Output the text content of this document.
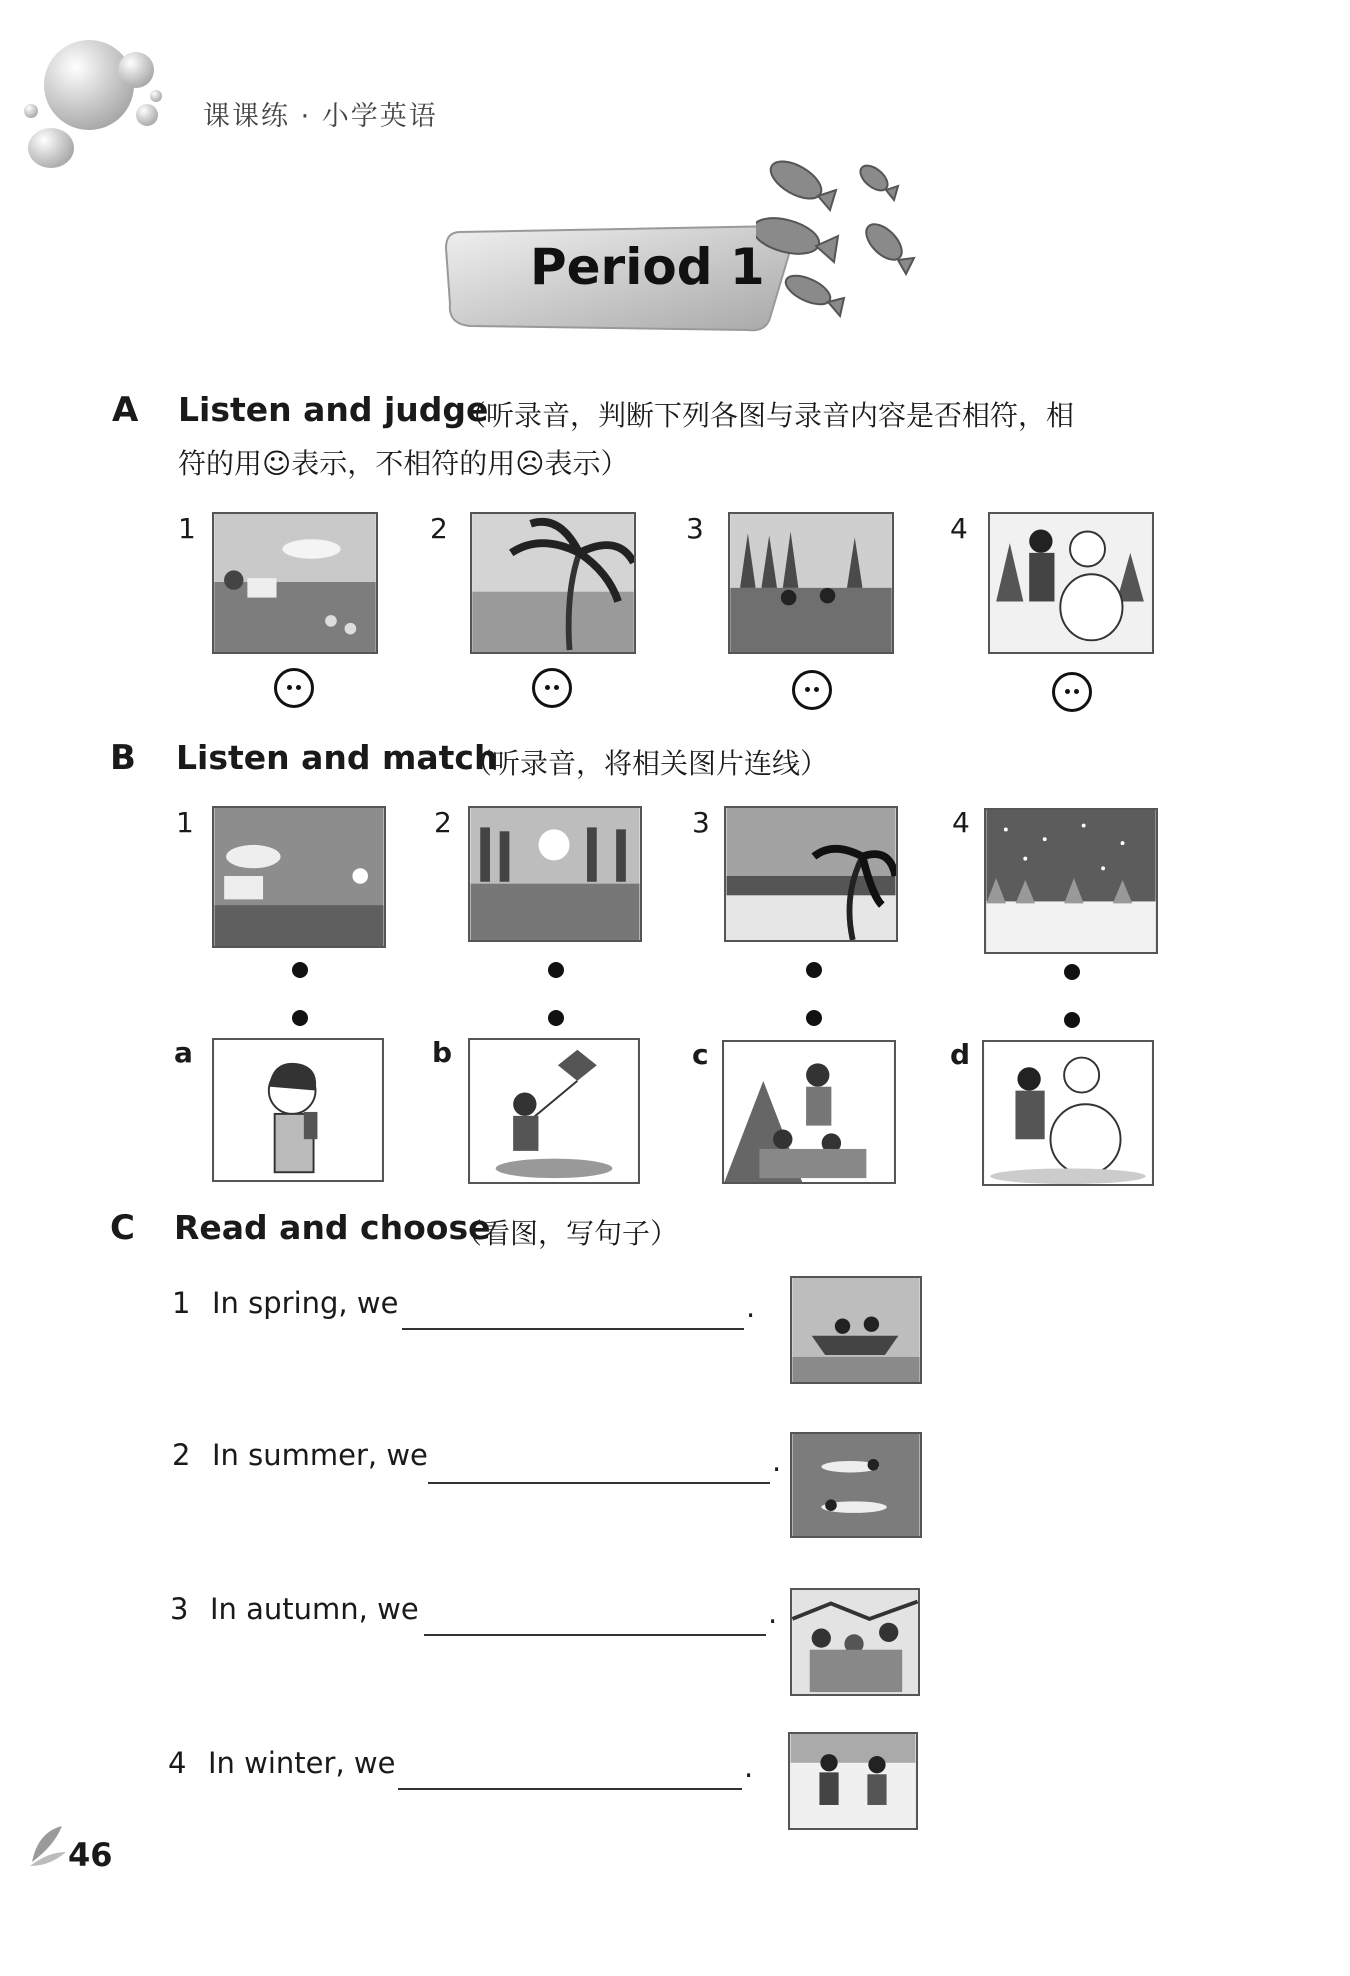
课课练 · 小学英语
Period 1
A Listen and judge
（听录音，判断下列各图与录音内容是否相符，相
符的用☺表示，不相符的用☹表示）
1	2	3	4
B Listen and match
（听录音，将相关图片连线）
1	2	3	4
a	b	c	d
C Read and choose
（看图，写句子）
1 In spring, we	.
2 In summer, we	.
3 In autumn, we	.
4 In winter, we	.
46
